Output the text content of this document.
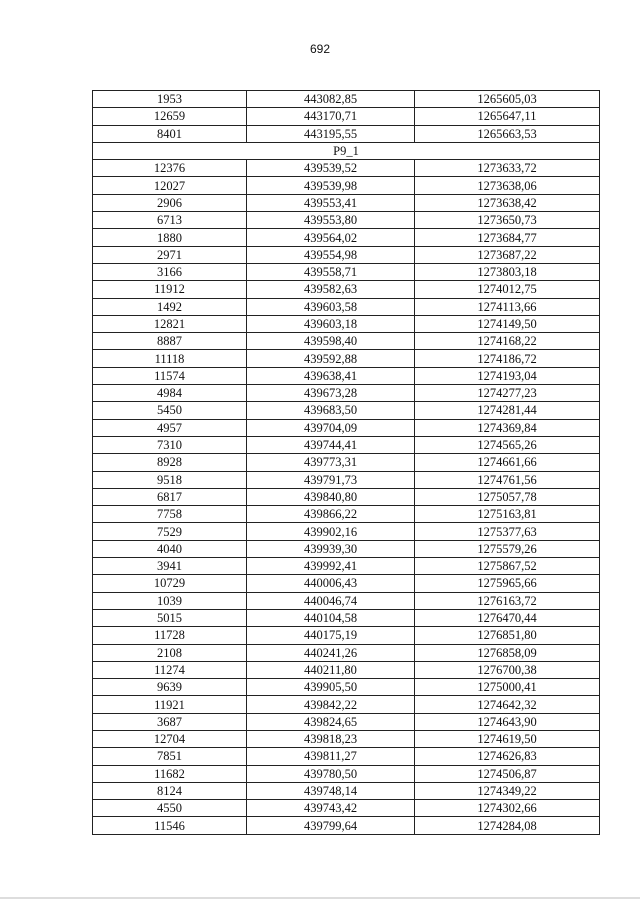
692
1953	443082,85	1265605,03
12659	443170,71	1265647,11
8401	443195,55	1265663,53
P9_1		
12376	439539,52	1273633,72
12027	439539,98	1273638,06
2906	439553,41	1273638,42
6713	439553,80	1273650,73
1880	439564,02	1273684,77
2971	439554,98	1273687,22
3166	439558,71	1273803,18
11912	439582,63	1274012,75
1492	439603,58	1274113,66
12821	439603,18	1274149,50
8887	439598,40	1274168,22
11118	439592,88	1274186,72
11574	439638,41	1274193,04
4984	439673,28	1274277,23
5450	439683,50	1274281,44
4957	439704,09	1274369,84
7310	439744,41	1274565,26
8928	439773,31	1274661,66
9518	439791,73	1274761,56
6817	439840,80	1275057,78
7758	439866,22	1275163,81
7529	439902,16	1275377,63
4040	439939,30	1275579,26
3941	439992,41	1275867,52
10729	440006,43	1275965,66
1039	440046,74	1276163,72
5015	440104,58	1276470,44
11728	440175,19	1276851,80
2108	440241,26	1276858,09
11274	440211,80	1276700,38
9639	439905,50	1275000,41
11921	439842,22	1274642,32
3687	439824,65	1274643,90
12704	439818,23	1274619,50
7851	439811,27	1274626,83
11682	439780,50	1274506,87
8124	439748,14	1274349,22
4550	439743,42	1274302,66
11546	439799,64	1274284,08
